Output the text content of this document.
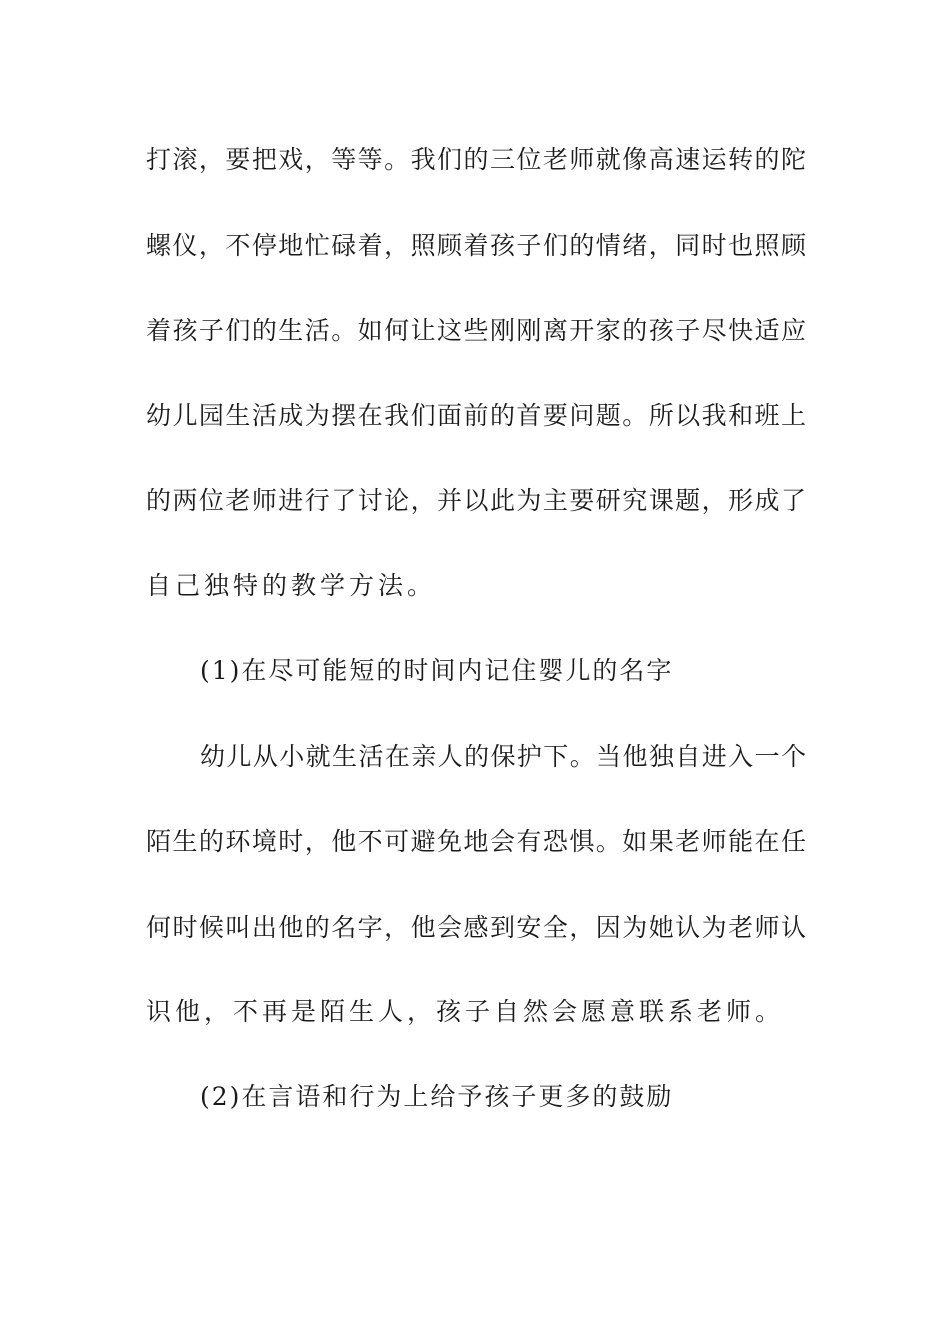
打滚，要把戏，等等。我们的三位老师就像高速运转的陀
螺仪，不停地忙碌着，照顾着孩子们的情绪，同时也照顾
着孩子们的生活。如何让这些刚刚离开家的孩子尽快适应
幼儿园生活成为摆在我们面前的首要问题。所以我和班上
的两位老师进行了讨论，并以此为主要研究课题，形成了
自己独特的教学方法。
(1)在尽可能短的时间内记住婴儿的名字
幼儿从小就生活在亲人的保护下。当他独自进入一个
陌生的环境时，他不可避免地会有恐惧。如果老师能在任
何时候叫出他的名字，他会感到安全，因为她认为老师认
识他，不再是陌生人，孩子自然会愿意联系老师。
(2)在言语和行为上给予孩子更多的鼓励
